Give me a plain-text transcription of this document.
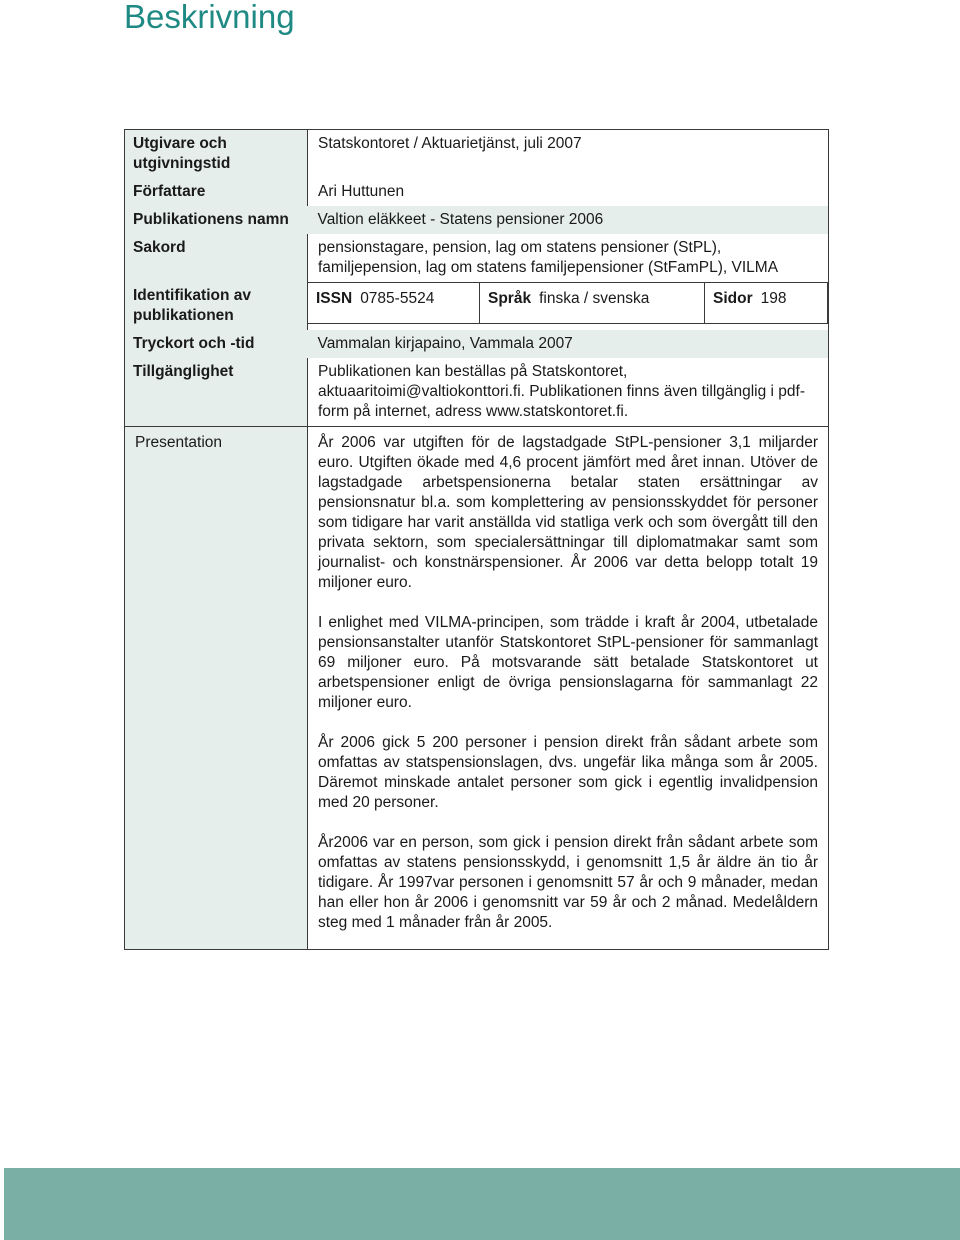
Beskrivning
Utgivare och utgivningstid	Statskontoret / Aktuarietjänst, juli 2007

Författare	Ari Huttunen

Publikationens namn	Valtion eläkkeet - Statens pensioner 2006

Sakord	pensionstagare, pension, lag om statens pensioner (StPL), familjepension, lag om statens familjepensioner (StFamPL), VILMA

Identifikation av publikationen	ISSN 0785-5524 Språk finska / svenska Sidor 198

Tryckort och -tid	Vammalan kirjapaino, Vammala 2007

Tillgänglighet	Publikationen kan beställas på Statskontoret, aktuaaritoimi@valtiokonttori.fi. Publikationen finns även tillgänglig i pdf-form på internet, adress www.statskontoret.fi.

Presentation	År 2006 var utgiften för de lagstadgade StPL-pensioner 3,1 miljarder euro. Utgiften ökade med 4,6 procent jämfört med året innan. Utöver de lagstadgade arbetspensionerna betalar staten ersättningar av pensionsnatur bl.a. som komplettering av pensionsskyddet för personer som tidigare har varit anställda vid statliga verk och som övergått till den privata sektorn, som specialersättningar till diplomatmakar samt som journalist- och konstnärspensioner. År 2006 var detta belopp totalt 19 miljoner euro.

I enlighet med VILMA-principen, som trädde i kraft år 2004, utbetalade pensionsanstalter utanför Statskontoret StPL-pensioner för sammanlagt 69 miljoner euro. På motsvarande sätt betalade Statskontoret ut arbetspensioner enligt de övriga pensionslagarna för sammanlagt 22 miljoner euro.

År 2006 gick 5 200 personer i pension direkt från sådant arbete som omfattas av statspensionslagen, dvs. ungefär lika många som år 2005. Däremot minskade antalet personer som gick i egentlig invalidpension med 20 personer.

År2006 var en person, som gick i pension direkt från sådant arbete som omfattas av statens pensionsskydd, i genomsnitt 1,5 år äldre än tio år tidigare. År 1997var personen i genomsnitt 57 år och 9 månader, medan han eller hon år 2006 i genomsnitt var 59 år och 2 månad. Medelåldern steg med 1 månader från år 2005.
